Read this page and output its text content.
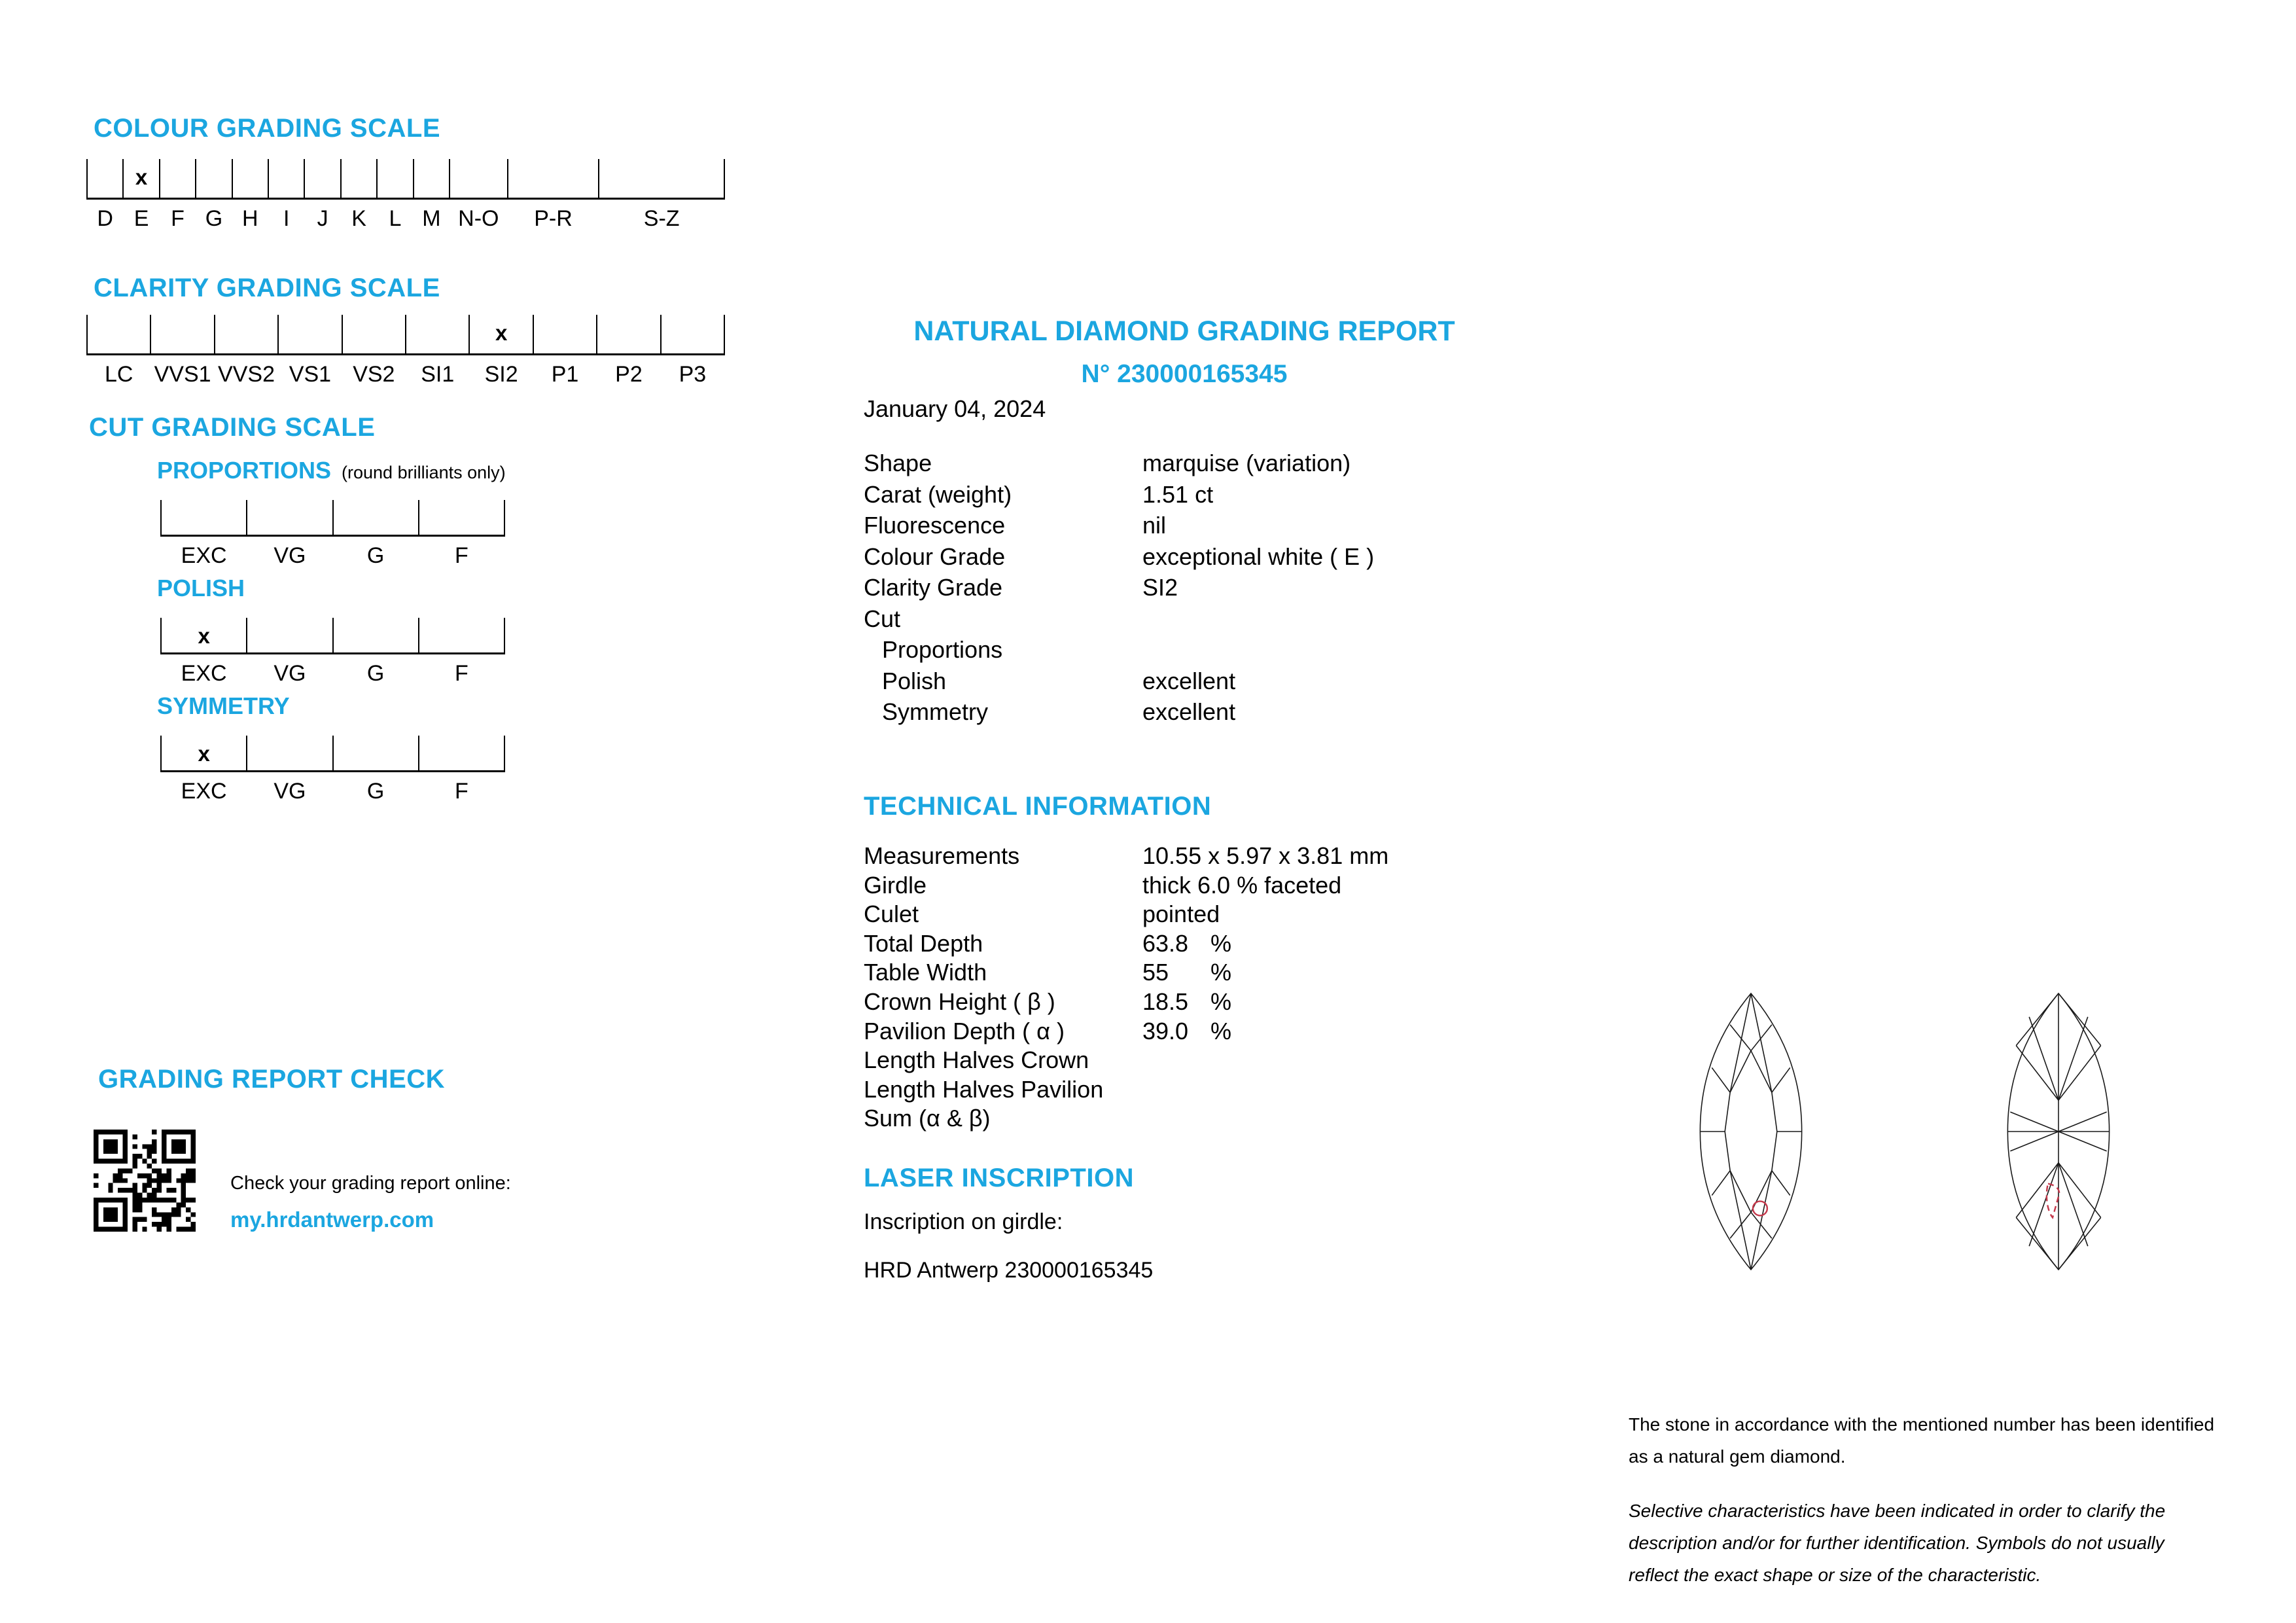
COLOUR GRADING SCALE
D
x
E F G H I J K L M N-O P-R	S-Z
CLARITY GRADING SCALE
LC VVS1 VVS2 VS1 VS2 SI1
x
SI2 P1 P2 P3
CUT GRADING SCALE
PROPORTIONS (round brilliants only)
EXC VG	G	F
POLISH
x
EXC VG	G	F
SYMMETRY
x
EXC VG	G	F
GRADING REPORT CHECK
Check your grading report online:
my.hrdantwerp.com
NATURAL DIAMOND GRADING REPORT
N° 230000165345
January 04, 2024
Shape	marquise (variation)
Carat (weight)	1.51 ct
Fluorescence	nil
Colour Grade	exceptional white ( E )
Clarity Grade	SI2
Cut
Proportions
Polish	excellent
Symmetry	excellent
TECHNICAL INFORMATION
Measurements	10.55 x 5.97 x 3.81 mm
Girdle	thick 6.0 % faceted
Culet	pointed
Total Depth	63.8 %
Table Width	55	%
Crown Height ( β )	18.5 %
Pavilion Depth ( α )	39.0 %
Length Halves Crown
Length Halves Pavilion
Sum (α & β)
LASER INSCRIPTION
Inscription on girdle:
HRD Antwerp 230000165345

The stone in accordance with the mentioned number has been identified as a natural gem diamond.

Selective characteristics have been indicated in order to clarify the description and/or for further identification. Symbols do not usually reflect the exact shape or size of the characteristic.
